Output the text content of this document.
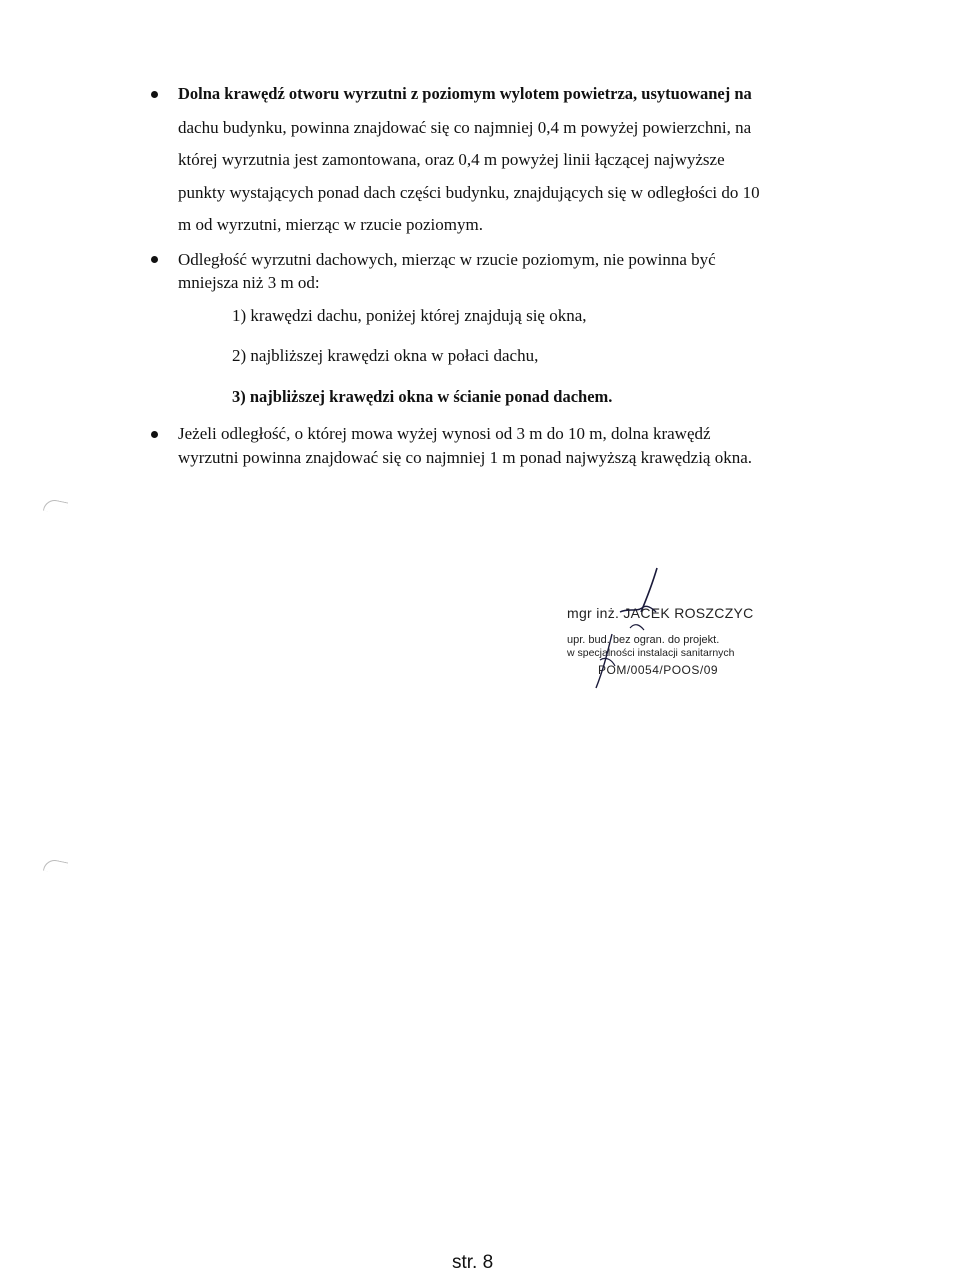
Dolna krawędź otworu wyrzutni z poziomym wylotem powietrza, usytuowanej na
dachu budynku, powinna znajdować się co najmniej 0,4 m powyżej powierzchni, na
której wyrzutnia jest zamontowana, oraz 0,4 m powyżej linii łączącej najwyższe
punkty wystających ponad dach części budynku, znajdujących się w odległości do 10
m od wyrzutni, mierząc w rzucie poziomym.
Odległość wyrzutni dachowych, mierząc w rzucie poziomym, nie powinna być
mniejsza niż 3 m od:
1) krawędzi dachu, poniżej której znajdują się okna,
2) najbliższej krawędzi okna w połaci dachu,
3) najbliższej krawędzi okna w ścianie ponad dachem.
Jeżeli odległość, o której mowa wyżej wynosi od 3 m do 10 m, dolna krawędź
wyrzutni powinna znajdować się co najmniej 1 m ponad najwyższą krawędzią okna.
mgr inż. JACEK ROSZCZYC
upr. bud. bez ogran. do projekt.
w specjalności instalacji sanitarnych
POM/0054/POOS/09
str. 8
